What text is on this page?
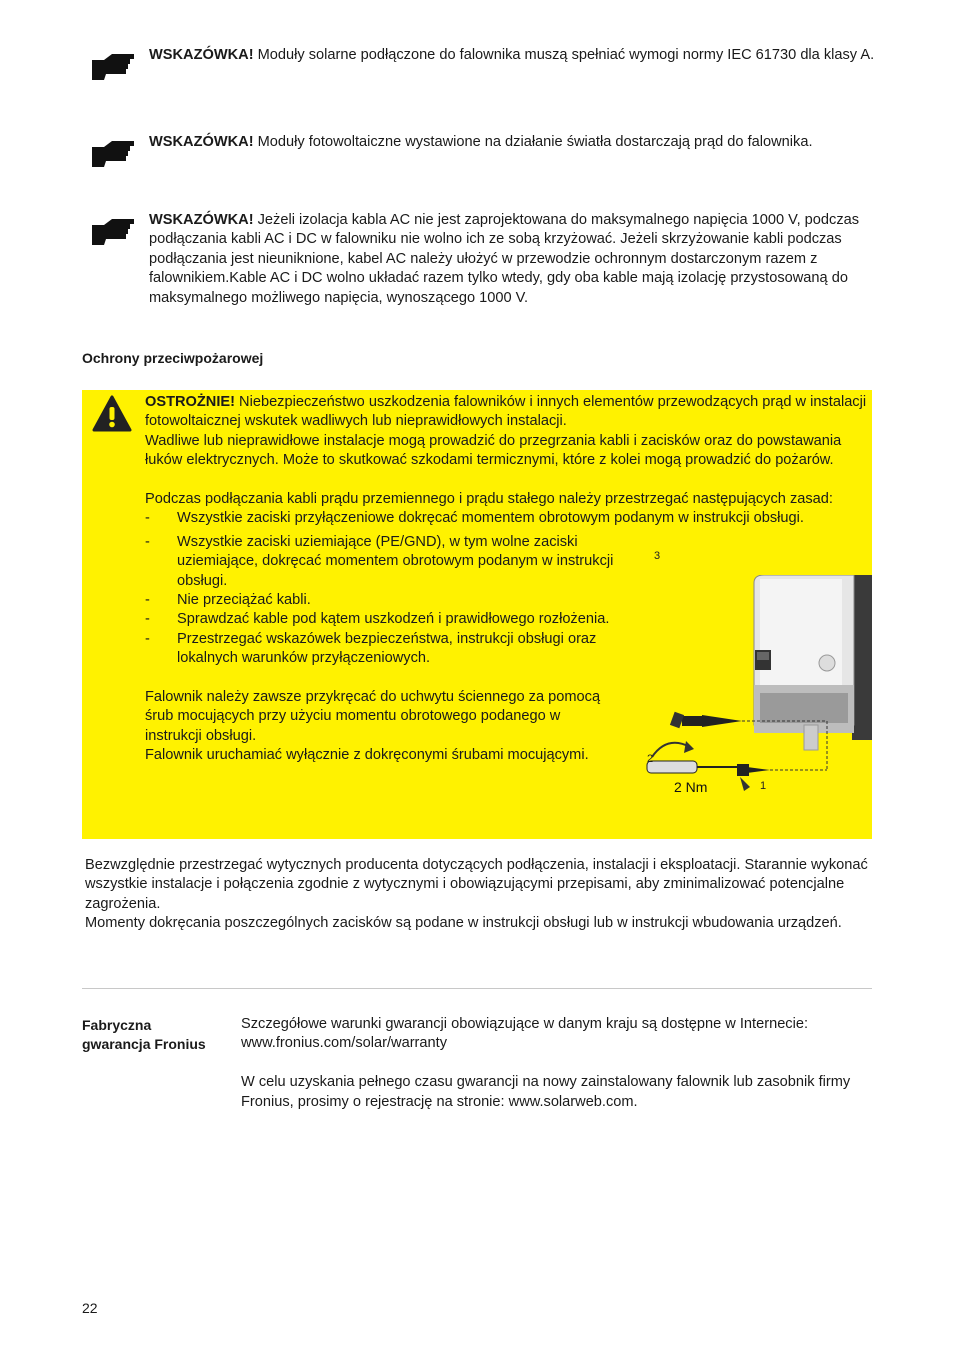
WSKAZÓWKA! Moduły solarne podłączone do falownika muszą spełniać wymogi normy IEC 61730 dla klasy A.
WSKAZÓWKA! Moduły fotowoltaiczne wystawione na działanie światła dostarczają prąd do falownika.
WSKAZÓWKA! Jeżeli izolacja kabla AC nie jest zaprojektowana do maksymalnego napięcia 1000 V, podczas podłączania kabli AC i DC w falowniku nie wolno ich ze sobą krzyżować. Jeżeli skrzyżowanie kabli podczas podłączania jest nieuniknione, kabel AC należy ułożyć w przewodzie ochronnym dostarczonym razem z falownikiem.Kable AC i DC wolno układać razem tylko wtedy, gdy oba kable mają izolację przystosowaną do maksymalnego możliwego napięcia, wynoszącego 1000 V.
Ochrony przeciwpożarowej

OSTROŻNIE! Niebezpieczeństwo uszkodzenia falowników i innych elementów przewodzących prąd w instalacji fotowoltaicznej wskutek wadliwych lub nieprawidłowych instalacji.

Wadliwe lub nieprawidłowe instalacje mogą prowadzić do przegrzania kabli i zacisków oraz do powstawania łuków elektrycznych. Może to skutkować szkodami termicznymi, które z kolei mogą prowadzić do pożarów.

Podczas podłączania kabli prądu przemiennego i prądu stałego należy przestrzegać następujących zasad:

- Wszystkie zaciski przyłączeniowe dokręcać momentem obrotowym podanym w instrukcji obsługi.
- Wszystkie zaciski uziemiające (PE/GND), w tym wolne zaciski uziemiające, dokręcać momentem obrotowym podanym w instrukcji obsługi.
- Nie przeciążać kabli.
- Sprawdzać kable pod kątem uszkodzeń i prawidłowego rozłożenia.
- Przestrzegać wskazówek bezpieczeństwa, instrukcji obsługi oraz lokalnych warunków przyłączeniowych.

Falownik należy zawsze przykręcać do uchwytu ściennego za pomocą śrub mocujących przy użyciu momentu obrotowego podanego w instrukcji obsługi.

Falownik uruchamiać wyłącznie z dokręconymi śrubami mocującymi.

3
2
1
2 Nm

Bezwzględnie przestrzegać wytycznych producenta dotyczących podłączenia, instalacji i eksploatacji. Starannie wykonać wszystkie instalacje i połączenia zgodnie z wytycznymi i obowiązującymi przepisami, aby zminimalizować potencjalne zagrożenia.

Momenty dokręcania poszczególnych zacisków są podane w instrukcji obsługi lub w instrukcji wbudowania urządzeń.

Fabryczna gwarancja Fronius

Szczegółowe warunki gwarancji obowiązujące w danym kraju są dostępne w Internecie: www.fronius.com/solar/warranty

W celu uzyskania pełnego czasu gwarancji na nowy zainstalowany falownik lub zasobnik firmy Fronius, prosimy o rejestrację na stronie: www.solarweb.com.

22
